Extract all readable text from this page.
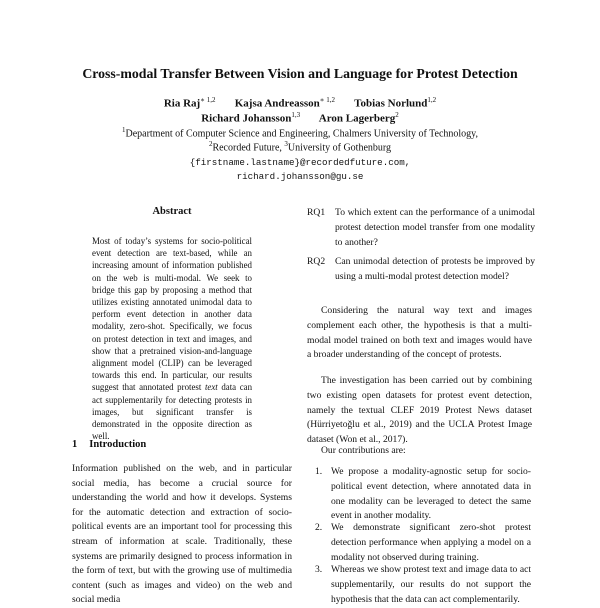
Cross-modal Transfer Between Vision and Language for Protest Detection
Ria Raj$^{∗ 1,2}$ Kajsa Andreasson$^{∗ 1,2}$ Tobias Norlund$^{1,2}$
Richard Johansson$^{1,3}$ Aron Lagerberg$^2$
$^1$Department of Computer Science and Engineering, Chalmers University of Technology,
$^2$Recorded Future, $^3$University of Gothenburg
{firstname.lastname}@recordedfuture.com,
richard.johansson@gu.se
Abstract
Most of today’s systems for socio-political event detection are text-based, while an increasing amount of information published on the web is multi-modal. We seek to bridge this gap by proposing a method that utilizes existing annotated unimodal data to perform event detection in another data modality, zero-shot. Specifically, we focus on protest detection in text and images, and show that a pretrained vision-and-language alignment model (CLIP) can be leveraged towards this end. In particular, our results suggest that annotated protest text data can act supplementarily for detecting protests in images, but significant transfer is demonstrated in the opposite direction as well.
1 Introduction
Information published on the web, and in particular social media, has become a crucial source for understanding the world and how it develops. Systems for the automatic detection and extraction of socio-political events are an important tool for processing this stream of information at scale. Traditionally, these systems are primarily designed to process information in the form of text, but with the growing use of multimedia content (such as images and video) on the web and social media
RQ1 To which extent can the performance of a unimodal protest detection model transfer from one modality to another?
RQ2 Can unimodal detection of protests be improved by using a multi-modal protest detection model?

Considering the natural way text and images complement each other, the hypothesis is that a multi-modal model trained on both text and images would have a broader understanding of the concept of protests.

The investigation has been carried out by combining two existing open datasets for protest event detection, namely the textual CLEF 2019 Protest News dataset (Hürriyetoǧlu et al., 2019) and the UCLA Protest Image dataset (Won et al., 2017).

Our contributions are:

1. We propose a modality-agnostic setup for socio-political event detection, where annotated data in one modality can be leveraged to detect the same event in another modality.
2. We demonstrate significant zero-shot protest detection performance when applying a model on a modality not observed during training.
3. Whereas we show protest text and image data to act supplementarily, our results do not support the hypothesis that the data can act complementarily.
